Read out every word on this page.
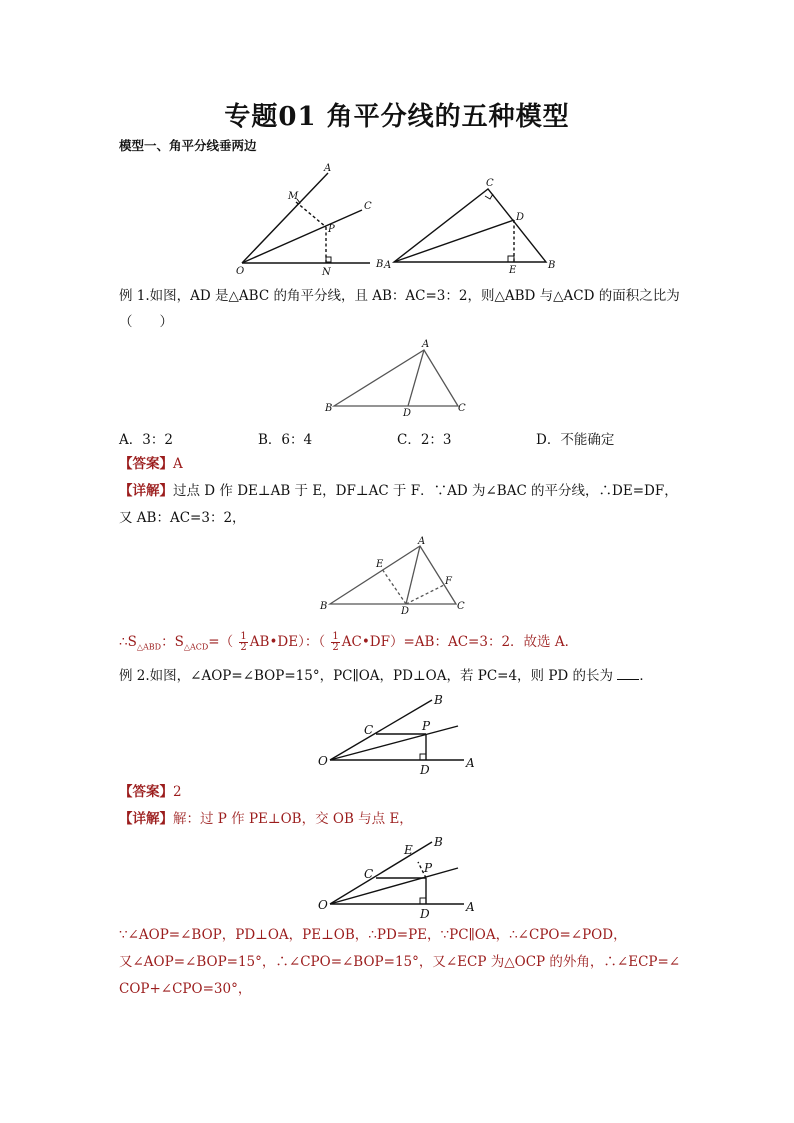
专题01 角平分线的五种模型
模型一、角平分线垂两边
O
A
M
C
P
N
B A
C
D
E	B
例 1.如图，AD 是△ABC 的角平分线，且 AB：AC=3：2，则△ABD 与△ACD 的面积之比为
（　　）
A
B	C
D
A．3：2	B．6：4	C．2：3	D．不能确定
【答案】A
【详解】过点 D 作 DE⊥AB 于 E，DF⊥AC 于 F．∵AD 为∠BAC 的平分线，∴DE=DF，
又 AB：AC=3：2，
A
E
F
B	D	C
$\therefore S_{\triangle ABD}$：$S_{\triangle ACD}=( \frac{1}{2}$ AB•DE）：（ $\frac{1}{2}$ AC•DF）=AB：AC=3：2．故选 A．
例 2.如图，∠AOP=∠BOP=15°，PC∥OA，PD⊥OA，若 PC=4，则 PD 的长为 ．
O	A
B
C	P
D
【答案】2
【详解】解：过 P 作 PE⊥OB，交 OB 与点 E，
O	A
B
E
C	P
D
∵∠AOP=∠BOP，PD⊥OA，PE⊥OB，∴PD=PE，∵PC∥OA，∴∠CPO=∠POD，
又∠AOP=∠BOP=15°，∴∠CPO=∠BOP=15°，又∠ECP 为△OCP 的外角，∴∠ECP=∠
COP+∠CPO=30°，
